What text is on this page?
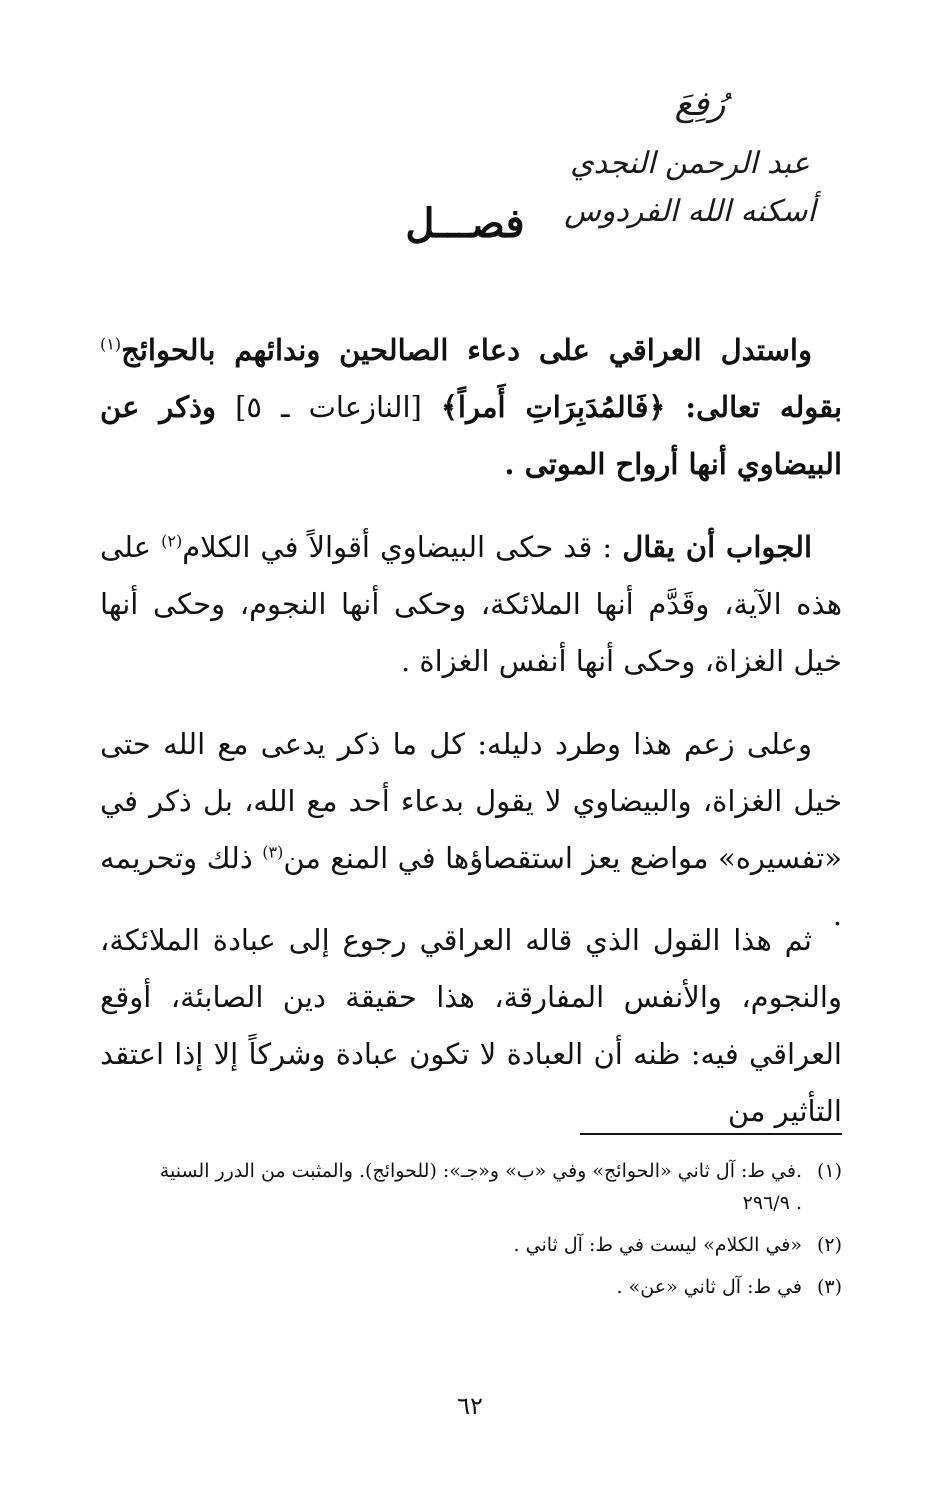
رُفِعَ
عبد الرحمن النجدي
أسكنه الله الفردوس
فصـــل
واستدل العراقي على دعاء الصالحين وندائهم بالحوائج$^{(١)}$ بقوله تعالى: ﴿فَالمُدَبِرَاتِ أَمراً﴾ [النازعات ـ ٥] وذكر عن البيضاوي أنها أرواح الموتى .
الجواب أن يقال : قد حكى البيضاوي أقوالاً في الكلام$^{(٢)}$ على هذه الآية، وقَدَّم أنها الملائكة، وحكى أنها النجوم، وحكى أنها خيل الغزاة، وحكى أنها أنفس الغزاة .
وعلى زعم هذا وطرد دليله: كل ما ذكر يدعى مع الله حتى خيل الغزاة، والبيضاوي لا يقول بدعاء أحد مع الله، بل ذكر في «تفسيره» مواضع يعز استقصاؤها في المنع من$^{(٣)}$ ذلك وتحريمه .
ثم هذا القول الذي قاله العراقي رجوع إلى عبادة الملائكة، والنجوم، والأنفس المفارقة، هذا حقيقة دين الصابئة، أوقع العراقي فيه: ظنه أن العبادة لا تكون عبادة وشركاً إلا إذا اعتقد التأثير من
(١).في ط: آل ثاني «الحوائج» وفي «ب» و«جـ»: (للحوائج). والمثبت من الدرر السنية
. ٢٩٦/٩
(٢)«في الكلام» ليست في ط: آل ثاني .
(٣)في ط: آل ثاني «عن» .
٦٢
